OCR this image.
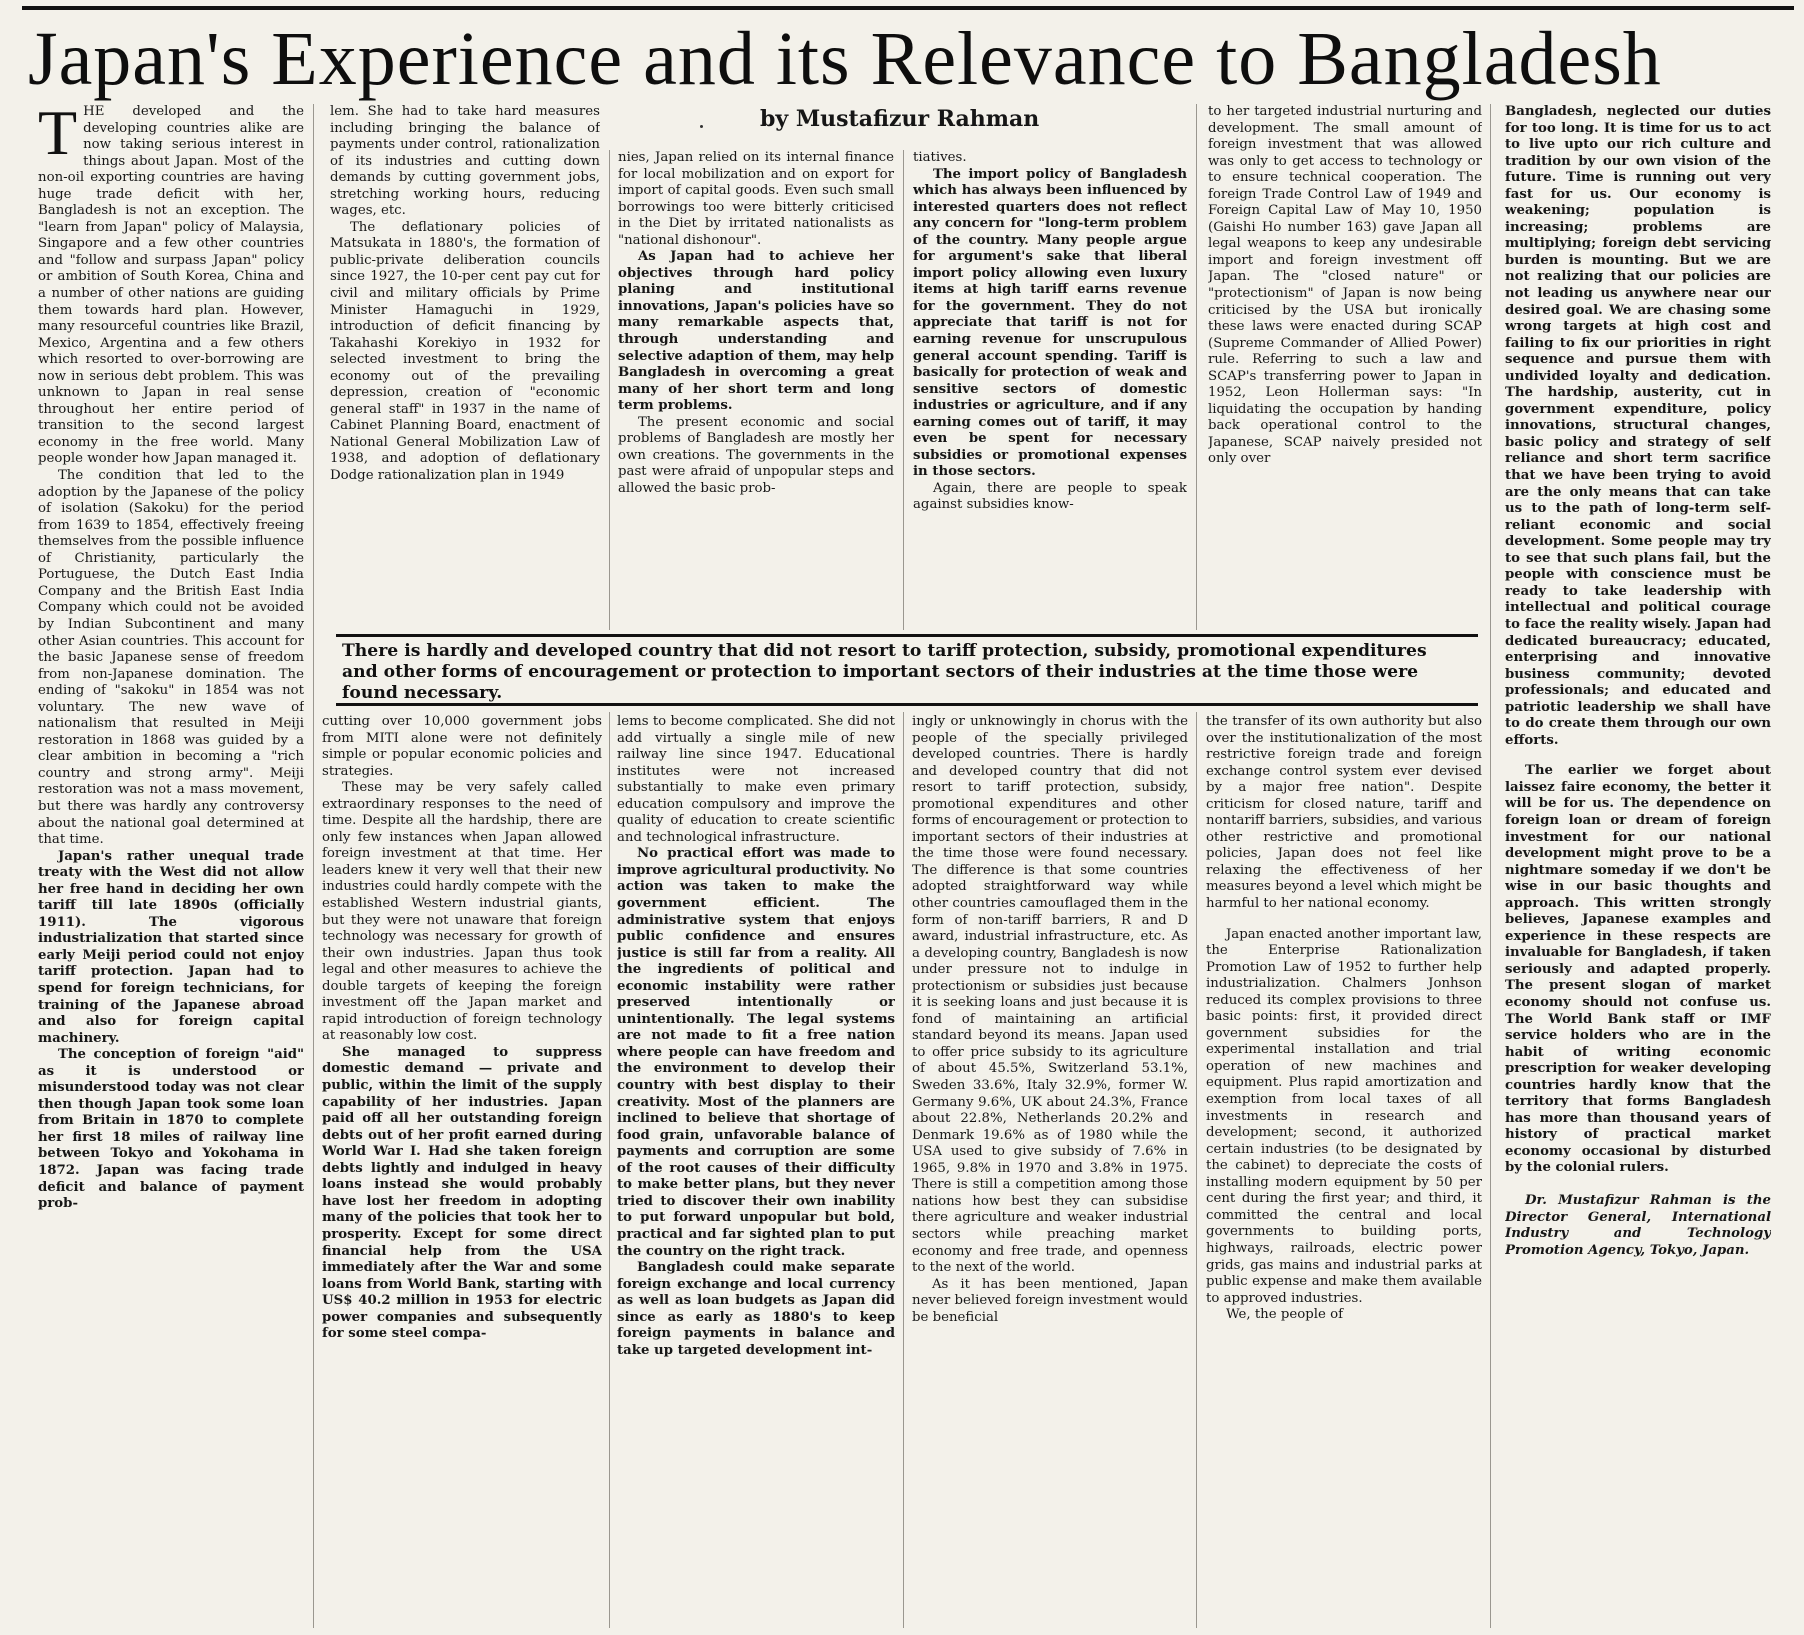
Japan's Experience and its Relevance to Bangladesh
by Mustafizur Rahman

THE developed and the developing countries alike are now taking serious interest in things about Japan. Most of the non-oil exporting countries are having huge trade deficit with her, Bangladesh is not an exception. The "learn from Japan" policy of Malaysia, Singapore and a few other countries and "follow and surpass Japan" policy or ambition of South Korea, China and a number of other nations are guiding them towards hard plan. However, many resourceful countries like Brazil, Mexico, Argentina and a few others which resorted to over-borrowing are now in serious debt problem. This was unknown to Japan in real sense throughout her entire period of transition to the second largest economy in the free world. Many people wonder how Japan managed it.

The condition that led to the adoption by the Japanese of the policy of isolation (Sakoku) for the period from 1639 to 1854, effectively freeing themselves from the possible influence of Christianity, particularly the Portuguese, the Dutch East India Company and the British East India Company which could not be avoided by Indian Subcontinent and many other Asian countries. This account for the basic Japanese sense of freedom from non-Japanese domination. The ending of "sakoku" in 1854 was not voluntary. The new wave of nationalism that resulted in Meiji restoration in 1868 was guided by a clear ambition in becoming a "rich country and strong army". Meiji restoration was not a mass movement, but there was hardly any controversy about the national goal determined at that time.

Japan's rather unequal trade treaty with the West did not allow her free hand in deciding her own tariff till late 1890s (officially 1911). The vigorous industrialization that started since early Meiji period could not enjoy tariff protection. Japan had to spend for foreign technicians, for training of the Japanese abroad and also for foreign capital machinery.

The conception of foreign "aid" as it is understood or misunderstood today was not clear then though Japan took some loan from Britain in 1870 to complete her first 18 miles of railway line between Tokyo and Yokohama in 1872. Japan was facing trade deficit and balance of payment prob-

lem. She had to take hard measures including bringing the balance of payments under control, rationalization of its industries and cutting down demands by cutting government jobs, stretching working hours, reducing wages, etc.

The deflationary policies of Matsukata in 1880's, the formation of public-private deliberation councils since 1927, the 10-per cent pay cut for civil and military officials by Prime Minister Hamaguchi in 1929, introduction of deficit financing by Takahashi Korekiyo in 1932 for selected investment to bring the economy out of the prevailing depression, creation of "economic general staff" in 1937 in the name of Cabinet Planning Board, enactment of National General Mobilization Law of 1938, and adoption of deflationary Dodge rationalization plan in 1949

nies, Japan relied on its internal finance for local mobilization and on export for import of capital goods. Even such small borrowings too were bitterly criticised in the Diet by irritated nationalists as "national dishonour".

As Japan had to achieve her objectives through hard policy planing and institutional innovations, Japan's policies have so many remarkable aspects that, through understanding and selective adaption of them, may help Bangladesh in overcoming a great many of her short term and long term problems.

The present economic and social problems of Bangladesh are mostly her own creations. The governments in the past were afraid of unpopular steps and allowed the basic prob-

tiatives.

The import policy of Bangladesh which has always been influenced by interested quarters does not reflect any concern for "long-term problem of the country. Many people argue for argument's sake that liberal import policy allowing even luxury items at high tariff earns revenue for the government. They do not appreciate that tariff is not for earning revenue for unscrupulous general account spending. Tariff is basically for protection of weak and sensitive sectors of domestic industries or agriculture, and if any earning comes out of tariff, it may even be spent for necessary subsidies or promotional expenses in those sectors.

Again, there are people to speak against subsidies know-

to her targeted industrial nurturing and development. The small amount of foreign investment that was allowed was only to get access to technology or to ensure technical cooperation. The foreign Trade Control Law of 1949 and Foreign Capital Law of May 10, 1950 (Gaishi Ho number 163) gave Japan all legal weapons to keep any undesirable import and foreign investment off Japan. The "closed nature" or "protectionism" of Japan is now being criticised by the USA but ironically these laws were enacted during SCAP (Supreme Commander of Allied Power) rule. Referring to such a law and SCAP's transferring power to Japan in 1952, Leon Hollerman says: "In liquidating the occupation by handing back operational control to the Japanese, SCAP naively presided not only over

Bangladesh, neglected our duties for too long. It is time for us to act to live upto our rich culture and tradition by our own vision of the future. Time is running out very fast for us. Our economy is weakening; population is increasing; problems are multiplying; foreign debt servicing burden is mounting. But we are not realizing that our policies are not leading us anywhere near our desired goal. We are chasing some wrong targets at high cost and failing to fix our priorities in right sequence and pursue them with undivided loyalty and dedication. The hardship, austerity, cut in government expenditure, policy innovations, structural changes, basic policy and strategy of self reliance and short term sacrifice that we have been trying to avoid are the only means that can take us to the path of long-term self-reliant economic and social development. Some people may try to see that such plans fail, but the people with conscience must be ready to take leadership with intellectual and political courage to face the reality wisely. Japan had dedicated bureaucracy; educated, enterprising and innovative business community; devoted professionals; and educated and patriotic leadership we shall have to do create them through our own efforts.

The earlier we forget about laissez faire economy, the better it will be for us. The dependence on foreign loan or dream of foreign investment for our national development might prove to be a nightmare someday if we don't be wise in our basic thoughts and approach. This written strongly believes, Japanese examples and experience in these respects are invaluable for Bangladesh, if taken seriously and adapted properly. The present slogan of market economy should not confuse us. The World Bank staff or IMF service holders who are in the habit of writing economic prescription for weaker developing countries hardly know that the territory that forms Bangladesh has more than thousand years of history of practical market economy occasional by disturbed by the colonial rulers.

Dr. Mustafizur Rahman is the Director General, International Industry and Technology Promotion Agency, Tokyo, Japan.

There is hardly and developed country that did not resort to tariff protection, subsidy, promotional expenditures and other forms of encouragement or protection to important sectors of their industries at the time those were found necessary.

cutting over 10,000 government jobs from MITI alone were not definitely simple or popular economic policies and strategies.

These may be very safely called extraordinary responses to the need of time. Despite all the hardship, there are only few instances when Japan allowed foreign investment at that time. Her leaders knew it very well that their new industries could hardly compete with the established Western industrial giants, but they were not unaware that foreign technology was necessary for growth of their own industries. Japan thus took legal and other measures to achieve the double targets of keeping the foreign investment off the Japan market and rapid introduction of foreign technology at reasonably low cost.

She managed to suppress domestic demand — private and public, within the limit of the supply capability of her industries. Japan paid off all her outstanding foreign debts out of her profit earned during World War I. Had she taken foreign debts lightly and indulged in heavy loans instead she would probably have lost her freedom in adopting many of the policies that took her to prosperity. Except for some direct financial help from the USA immediately after the War and some loans from World Bank, starting with US$ 40.2 million in 1953 for electric power companies and subsequently for some steel compa-

lems to become complicated. She did not add virtually a single mile of new railway line since 1947. Educational institutes were not increased substantially to make even primary education compulsory and improve the quality of education to create scientific and technological infrastructure.

No practical effort was made to improve agricultural productivity. No action was taken to make the government efficient. The administrative system that enjoys public confidence and ensures justice is still far from a reality. All the ingredients of political and economic instability were rather preserved intentionally or unintentionally. The legal systems are not made to fit a free nation where people can have freedom and the environment to develop their country with best display to their creativity. Most of the planners are inclined to believe that shortage of food grain, unfavorable balance of payments and corruption are some of the root causes of their difficulty to make better plans, but they never tried to discover their own inability to put forward unpopular but bold, practical and far sighted plan to put the country on the right track.

Bangladesh could make separate foreign exchange and local currency as well as loan budgets as Japan did since as early as 1880's to keep foreign payments in balance and take up targeted development int-

ingly or unknowingly in chorus with the people of the specially privileged developed countries. There is hardly and developed country that did not resort to tariff protection, subsidy, promotional expenditures and other forms of encouragement or protection to important sectors of their industries at the time those were found necessary. The difference is that some countries adopted straightforward way while other countries camouflaged them in the form of non-tariff barriers, R and D award, industrial infrastructure, etc. As a developing country, Bangladesh is now under pressure not to indulge in protectionism or subsidies just because it is seeking loans and just because it is fond of maintaining an artificial standard beyond its means. Japan used to offer price subsidy to its agriculture of about 45.5%, Switzerland 53.1%, Sweden 33.6%, Italy 32.9%, former W. Germany 9.6%, UK about 24.3%, France about 22.8%, Netherlands 20.2% and Denmark 19.6% as of 1980 while the USA used to give subsidy of 7.6% in 1965, 9.8% in 1970 and 3.8% in 1975. There is still a competition among those nations how best they can subsidise there agriculture and weaker industrial sectors while preaching market economy and free trade, and openness to the next of the world.

As it has been mentioned, Japan never believed foreign investment would be beneficial

the transfer of its own authority but also over the institutionalization of the most restrictive foreign trade and foreign exchange control system ever devised by a major free nation". Despite criticism for closed nature, tariff and nontariff barriers, subsidies, and various other restrictive and promotional policies, Japan does not feel like relaxing the effectiveness of her measures beyond a level which might be harmful to her national economy.

Japan enacted another important law, the Enterprise Rationalization Promotion Law of 1952 to further help industrialization. Chalmers Jonhson reduced its complex provisions to three basic points: first, it provided direct government subsidies for the experimental installation and trial operation of new machines and equipment. Plus rapid amortization and exemption from local taxes of all investments in research and development; second, it authorized certain industries (to be designated by the cabinet) to depreciate the costs of installing modern equipment by 50 per cent during the first year; and third, it committed the central and local governments to building ports, highways, railroads, electric power grids, gas mains and industrial parks at public expense and make them available to approved industries.

We, the people of
